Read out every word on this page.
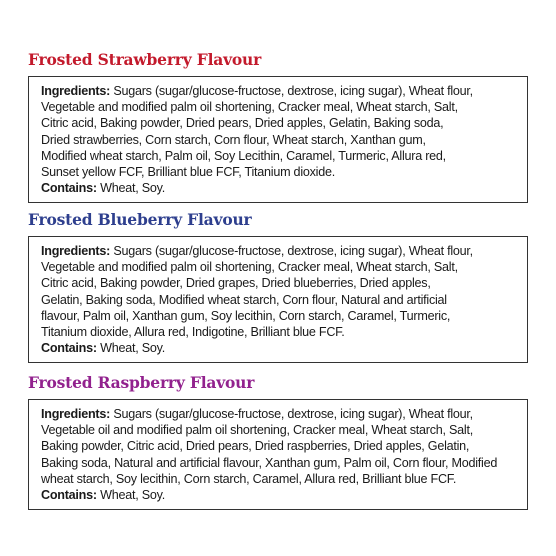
Frosted Strawberry Flavour
Ingredients: Sugars (sugar/glucose-fructose, dextrose, icing sugar), Wheat flour,
Vegetable and modified palm oil shortening, Cracker meal, Wheat starch, Salt,
Citric acid, Baking powder, Dried pears, Dried apples, Gelatin, Baking soda,
Dried strawberries, Corn starch, Corn flour, Wheat starch, Xanthan gum,
Modified wheat starch, Palm oil, Soy Lecithin, Caramel, Turmeric, Allura red,
Sunset yellow FCF, Brilliant blue FCF, Titanium dioxide.
Contains: Wheat, Soy.
Frosted Blueberry Flavour
Ingredients: Sugars (sugar/glucose-fructose, dextrose, icing sugar), Wheat flour,
Vegetable and modified palm oil shortening, Cracker meal, Wheat starch, Salt,
Citric acid, Baking powder, Dried grapes, Dried blueberries, Dried apples,
Gelatin, Baking soda, Modified wheat starch, Corn flour, Natural and artificial
flavour, Palm oil, Xanthan gum, Soy lecithin, Corn starch, Caramel, Turmeric,
Titanium dioxide, Allura red, Indigotine, Brilliant blue FCF.
Contains: Wheat, Soy.
Frosted Raspberry Flavour
Ingredients: Sugars (sugar/glucose-fructose, dextrose, icing sugar), Wheat flour,
Vegetable oil and modified palm oil shortening, Cracker meal, Wheat starch, Salt,
Baking powder, Citric acid, Dried pears, Dried raspberries, Dried apples, Gelatin,
Baking soda, Natural and artificial flavour, Xanthan gum, Palm oil, Corn flour, Modified
wheat starch, Soy lecithin, Corn starch, Caramel, Allura red, Brilliant blue FCF.
Contains: Wheat, Soy.
